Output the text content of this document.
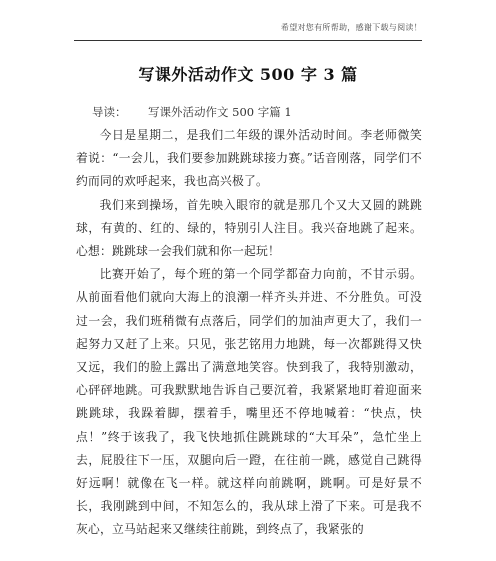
希望对您有所帮助，感谢下载与阅读！
写课外活动作文 500 字 3 篇
导读： 写课外活动作文 500 字篇 1

今日是星期二，是我们二年级的课外活动时间。李老师微笑着说：“一会儿，我们要参加跳跳球接力赛。”话音刚落，同学们不约而同的欢呼起来，我也高兴极了。

我们来到操场，首先映入眼帘的就是那几个又大又圆的跳跳球，有黄的、红的、绿的，特别引人注目。我兴奋地跳了起来。心想：跳跳球一会我们就和你一起玩！

比赛开始了，每个班的第一个同学都奋力向前，不甘示弱。从前面看他们就向大海上的浪潮一样齐头并进、不分胜负。可没过一会，我们班稍微有点落后，同学们的加油声更大了，我们一起努力又赶了上来。只见，张艺铭用力地跳，每一次都跳得又快又远，我们的脸上露出了满意地笑容。快到我了，我特别激动，心砰砰地跳。可我默默地告诉自己要沉着，我紧紧地盯着迎面来跳跳球，我跺着脚，摆着手，嘴里还不停地喊着：“快点，快点！”终于该我了，我飞快地抓住跳跳球的“大耳朵”，急忙坐上去，屁股往下一压，双腿向后一蹬，在往前一跳，感觉自己跳得好远啊！就像在飞一样。就这样向前跳啊，跳啊。可是好景不长，我刚跳到中间，不知怎么的，我从球上滑了下来。可是我不灰心，立马站起来又继续往前跳，到终点了，我紧张的
